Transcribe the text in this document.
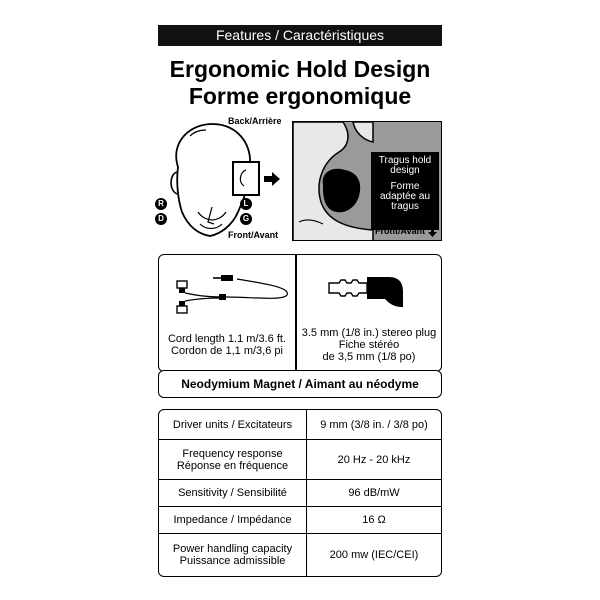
Features / Caractéristiques
Ergonomic Hold Design
Forme ergonomique
Back/Arrière
Front/Avant
R
D
L
G
Tragus hold
design
Forme
adaptée au
tragus
Front/Avant
Cord length 1.1 m/3.6 ft.
Cordon de 1,1 m/3,6 pi
3.5 mm (1/8 in.) stereo plug
Fiche stéréo
de 3,5 mm (1/8 po)
Neodymium Magnet / Aimant au néodyme
Driver units / Excitateurs	9 mm (3/8 in. / 3/8 po)
Frequency response
Réponse en fréquence	20 Hz - 20 kHz
Sensitivity / Sensibilité	96 dB/mW
Impedance / Impédance	16 Ω
Power handling capacity
Puissance admissible	200 mw (IEC/CEI)
